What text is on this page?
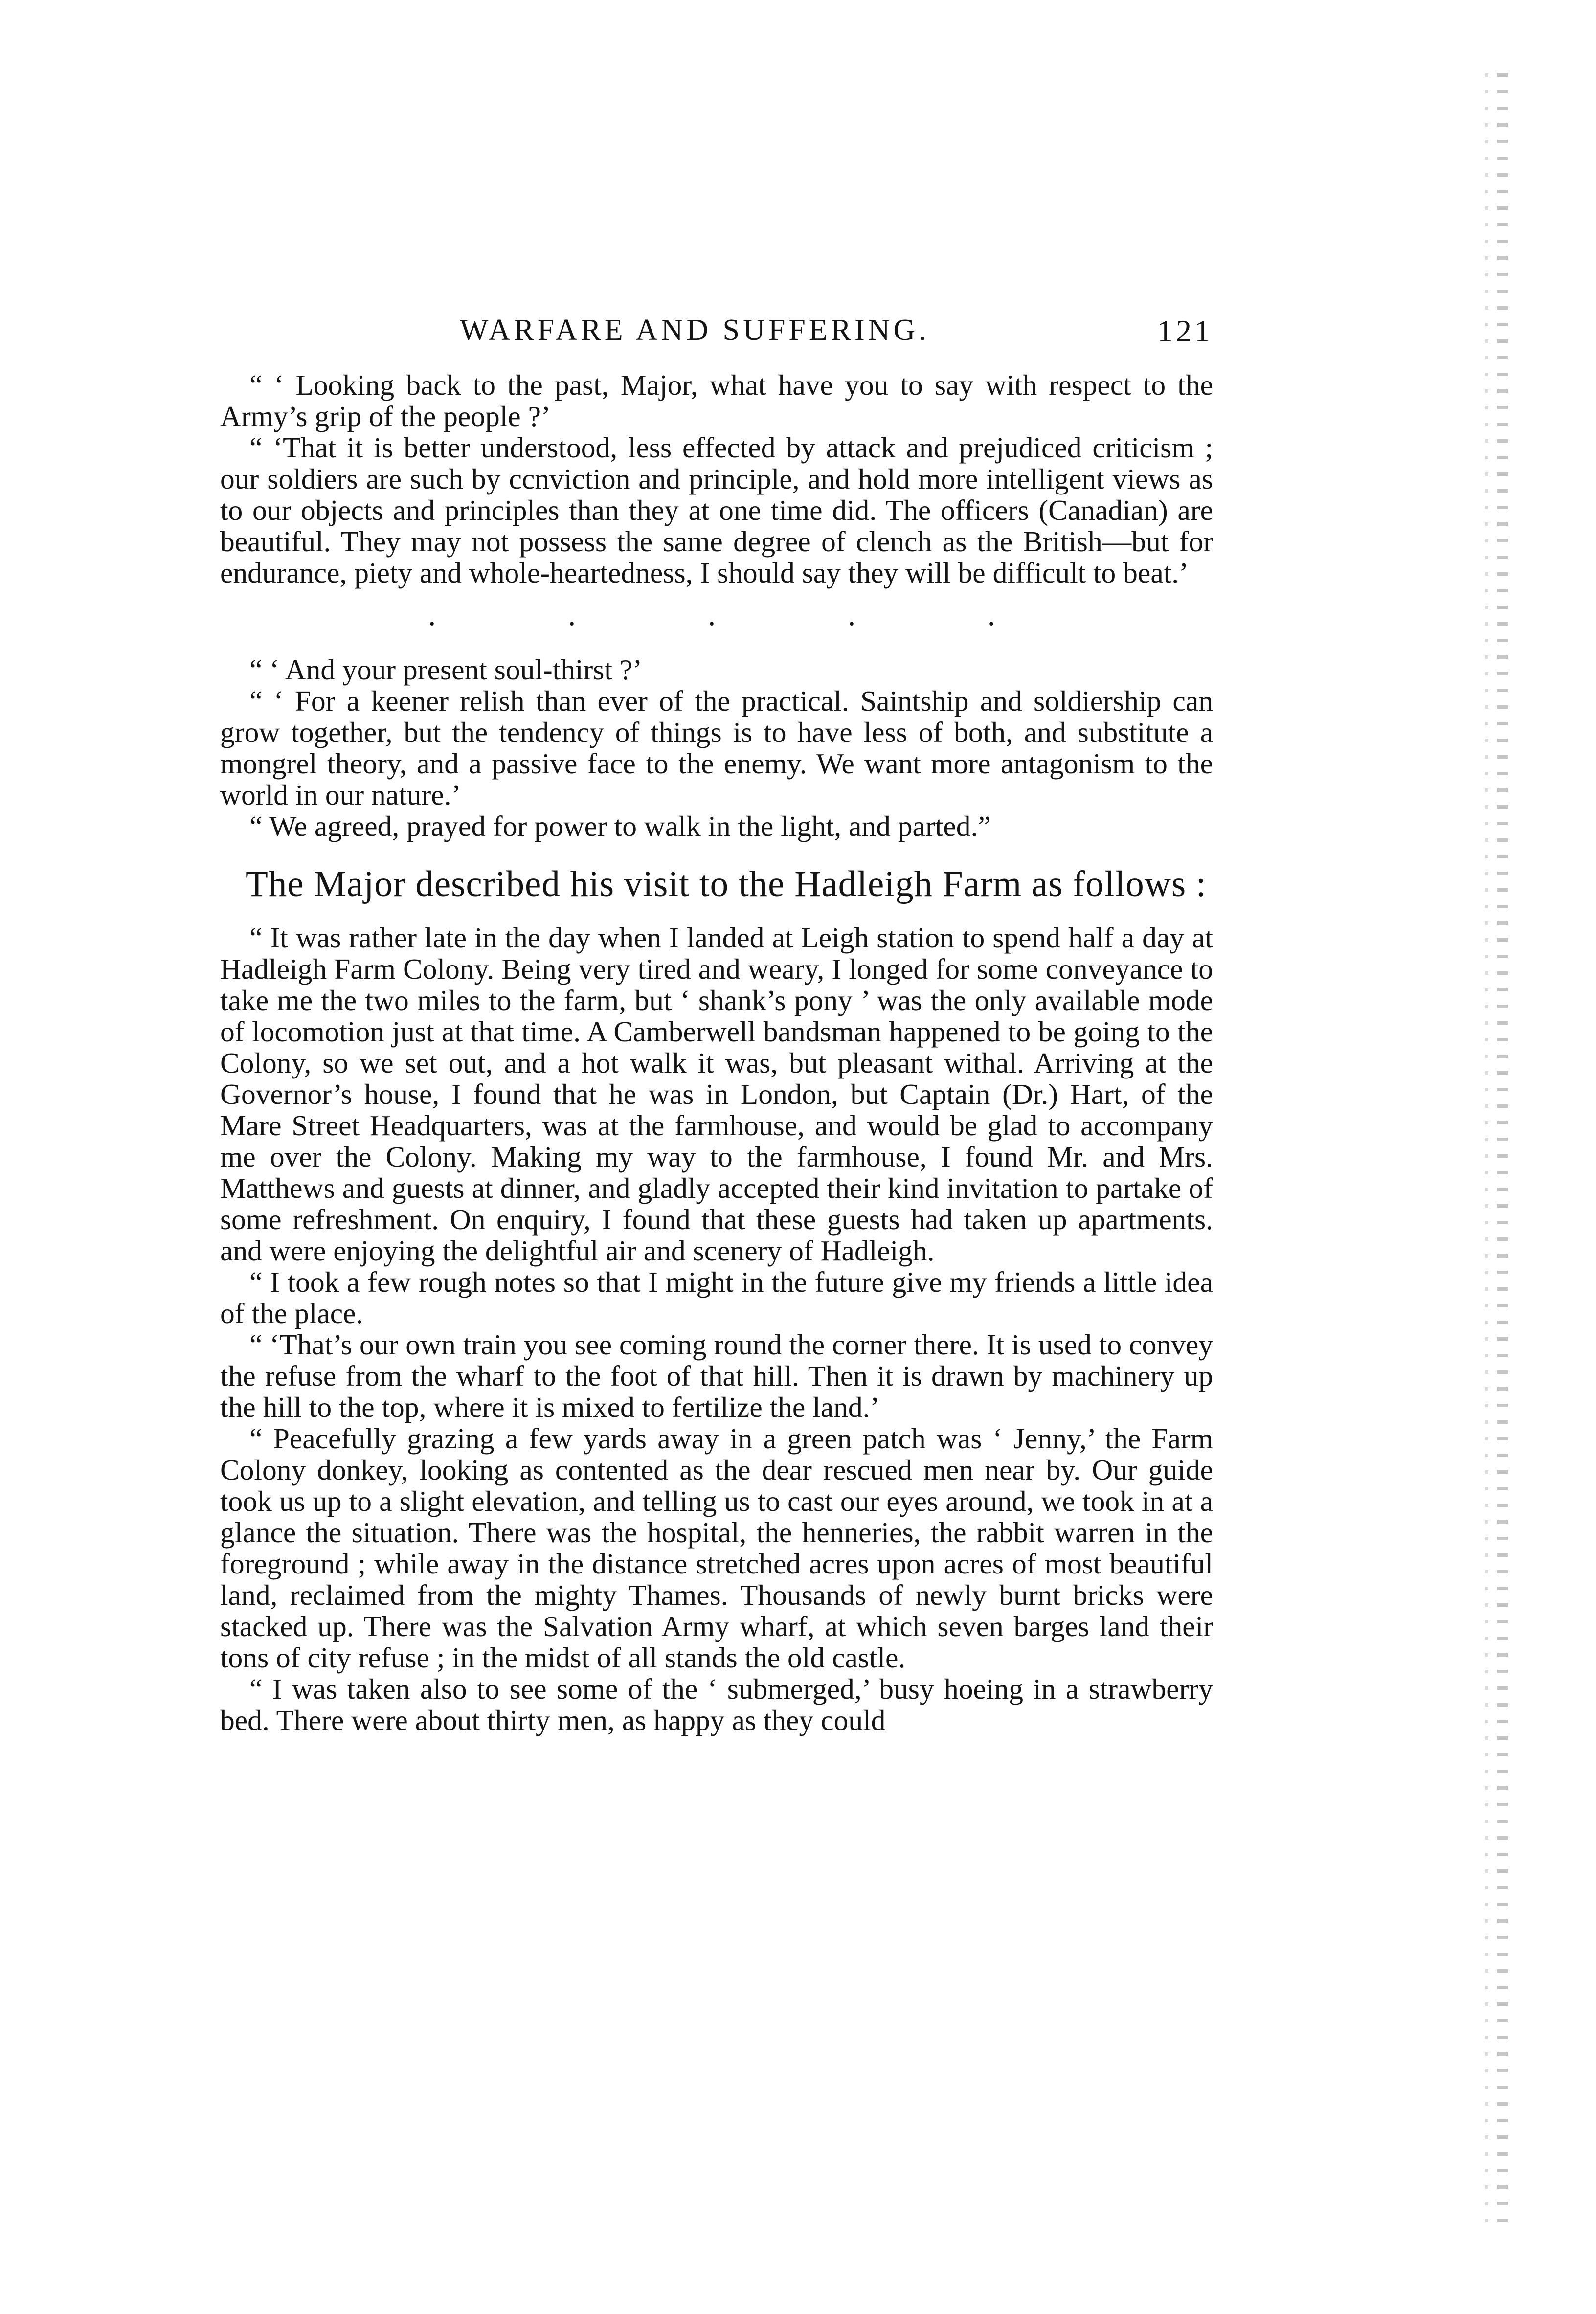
WARFARE AND SUFFERING.	121

“ ‘ Looking back to the past, Major, what have you to say with respect to the Army’s grip of the people ?’

“ ‘That it is better understood, less effected by attack and prejudiced criticism ; our soldiers are such by ccnviction and principle, and hold more intelligent views as to our objects and principles than they at one time did. The officers (Canadian) are beautiful. They may not possess the same degree of clench as the British—but for endurance, piety and whole-heartedness, I should say they will be difficult to beat.’

.	.	.	.	.

“ ‘ And your present soul-thirst ?’

“ ‘ For a keener relish than ever of the practical. Saintship and soldiership can grow together, but the tendency of things is to have less of both, and substitute a mongrel theory, and a passive face to the enemy. We want more antagonism to the world in our nature.’

“ We agreed, prayed for power to walk in the light, and parted.”

The Major described his visit to the Hadleigh Farm as follows :

“ It was rather late in the day when I landed at Leigh station to spend half a day at Hadleigh Farm Colony. Being very tired and weary, I longed for some conveyance to take me the two miles to the farm, but ‘ shank’s pony ’ was the only available mode of locomotion just at that time. A Camberwell bandsman happened to be going to the Colony, so we set out, and a hot walk it was, but pleasant withal. Arriving at the Governor’s house, I found that he was in London, but Captain (Dr.) Hart, of the Mare Street Headquarters, was at the farmhouse, and would be glad to accompany me over the Colony. Making my way to the farmhouse, I found Mr. and Mrs. Matthews and guests at dinner, and gladly accepted their kind invitation to partake of some refreshment. On enquiry, I found that these guests had taken up apartments. and were enjoying the delightful air and scenery of Hadleigh.

“ I took a few rough notes so that I might in the future give my friends a little idea of the place.

“ ‘That’s our own train you see coming round the corner there. It is used to convey the refuse from the wharf to the foot of that hill. Then it is drawn by machinery up the hill to the top, where it is mixed to fertilize the land.’

“ Peacefully grazing a few yards away in a green patch was ‘ Jenny,’ the Farm Colony donkey, looking as contented as the dear rescued men near by. Our guide took us up to a slight elevation, and telling us to cast our eyes around, we took in at a glance the situation. There was the hospital, the henneries, the rabbit warren in the foreground ; while away in the distance stretched acres upon acres of most beautiful land, reclaimed from the mighty Thames. Thousands of newly burnt bricks were stacked up. There was the Salvation Army wharf, at which seven barges land their tons of city refuse ; in the midst of all stands the old castle.

“ I was taken also to see some of the ‘ submerged,’ busy hoeing in a strawberry bed. There were about thirty men, as happy as they could
